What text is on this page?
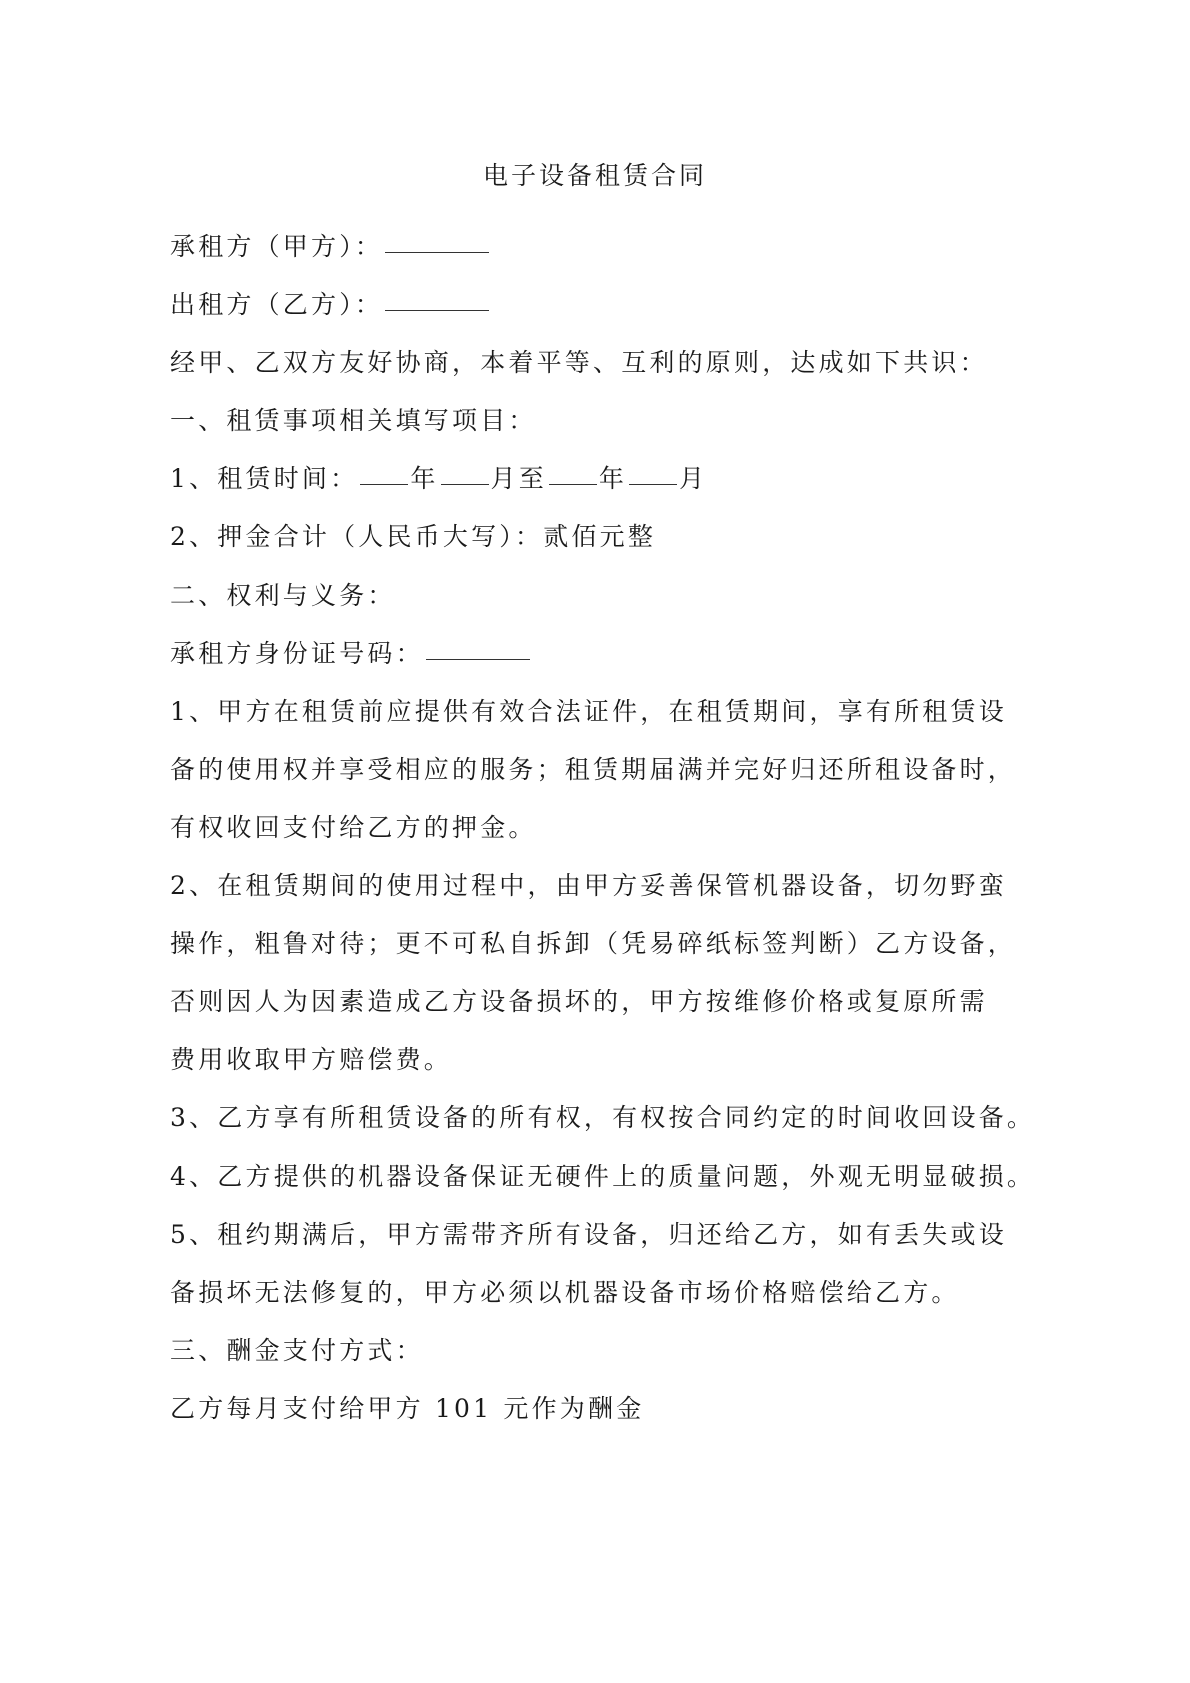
电子设备租赁合同
承租方（甲方）：
出租方（乙方）：
经甲、乙双方友好协商，本着平等、互利的原则，达成如下共识：
一、租赁事项相关填写项目：
1、租赁时间： 年 月至 年 月
2、押金合计（人民币大写）：贰佰元整
二、权利与义务：
承租方身份证号码：
1、甲方在租赁前应提供有效合法证件，在租赁期间，享有所租赁设
备的使用权并享受相应的服务；租赁期届满并完好归还所租设备时，
有权收回支付给乙方的押金。
2、在租赁期间的使用过程中，由甲方妥善保管机器设备，切勿野蛮
操作，粗鲁对待；更不可私自拆卸（凭易碎纸标签判断）乙方设备，
否则因人为因素造成乙方设备损坏的，甲方按维修价格或复原所需
费用收取甲方赔偿费。
3、乙方享有所租赁设备的所有权，有权按合同约定的时间收回设备。
4、乙方提供的机器设备保证无硬件上的质量问题，外观无明显破损。
5、租约期满后，甲方需带齐所有设备，归还给乙方，如有丢失或设
备损坏无法修复的，甲方必须以机器设备市场价格赔偿给乙方。
三、酬金支付方式：
乙方每月支付给甲方 101 元作为酬金
